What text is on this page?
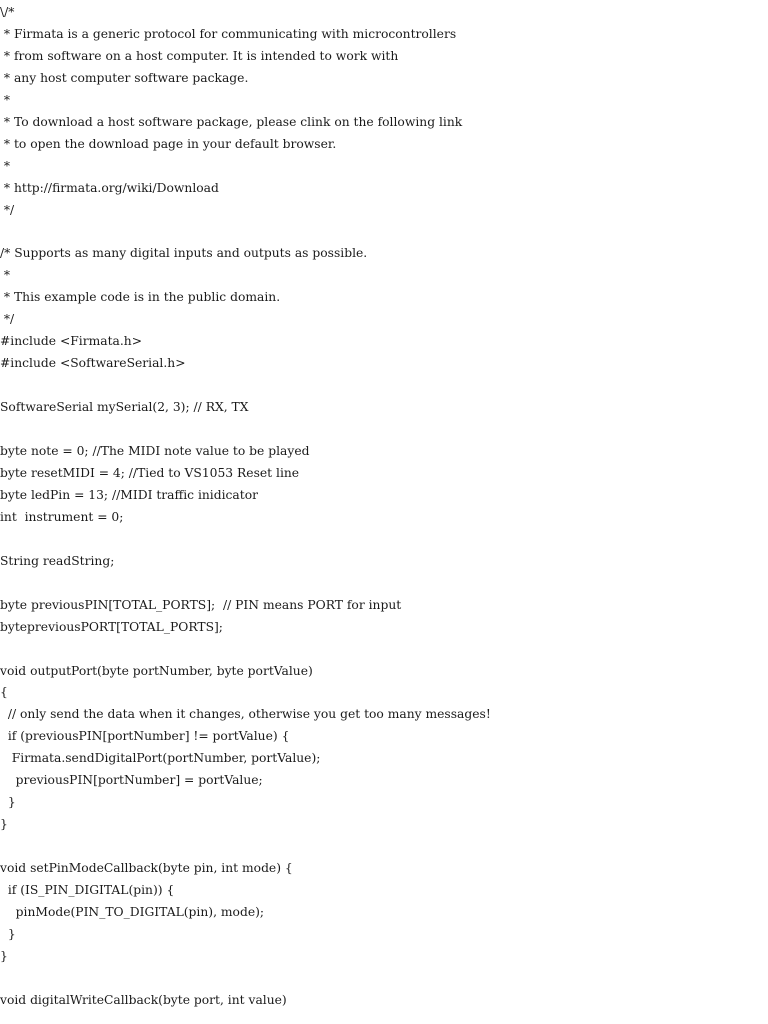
\/*
* Firmata is a generic protocol for communicating with microcontrollers
* from software on a host computer. It is intended to work with
* any host computer software package.
*
* To download a host software package, please clink on the following link
* to open the download page in your default browser.
*
* http://firmata.org/wiki/Download
*/
/* Supports as many digital inputs and outputs as possible.
*
* This example code is in the public domain.
*/
#include <Firmata.h>
#include <SoftwareSerial.h>
SoftwareSerial mySerial(2, 3); // RX, TX
byte note = 0; //The MIDI note value to be played
byte resetMIDI = 4; //Tied to VS1053 Reset line
byte ledPin = 13; //MIDI traffic inidicator
int  instrument = 0;
String readString;
byte previousPIN[TOTAL_PORTS];  // PIN means PORT for input
bytepreviousPORT[TOTAL_PORTS];
void outputPort(byte portNumber, byte portValue)
{
// only send the data when it changes, otherwise you get too many messages!
if (previousPIN[portNumber] != portValue) {
Firmata.sendDigitalPort(portNumber, portValue);
previousPIN[portNumber] = portValue;
}
}
void setPinModeCallback(byte pin, int mode) {
if (IS_PIN_DIGITAL(pin)) {
pinMode(PIN_TO_DIGITAL(pin), mode);
}
}
void digitalWriteCallback(byte port, int value)
